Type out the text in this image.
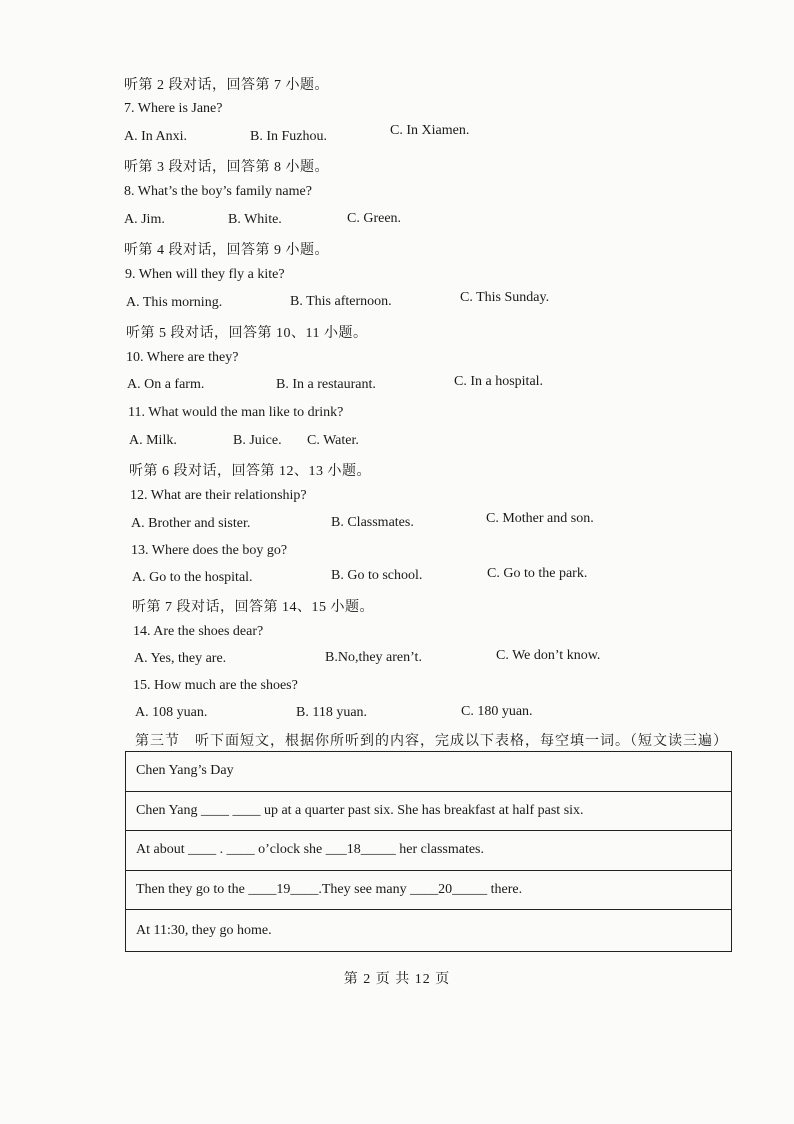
听第 2 段对话，回答第 7 小题。
7. Where is Jane?
A. In Anxi.	B. In Fuzhou.	C. In Xiamen.
听第 3 段对话，回答第 8 小题。
8. What’s the boy’s family name?
A. Jim.	B. White.	C. Green.
听第 4 段对话，回答第 9 小题。
9. When will they fly a kite?
A. This morning.	B. This afternoon.	C. This Sunday.
听第 5 段对话，回答第 10、11 小题。
10. Where are they?
A. On a farm.	B. In a restaurant.	C. In a hospital.
11. What would the man like to drink?
A. Milk.	B. Juice. C. Water.
听第 6 段对话，回答第 12、13 小题。
12. What are their relationship?
A. Brother and sister.	B. Classmates.	C. Mother and son.
13. Where does the boy go?
A. Go to the hospital.	B. Go to school.	C. Go to the park.
听第 7 段对话，回答第 14、15 小题。
14. Are the shoes dear?
A. Yes, they are.	B.No,they aren’t.	C. We don’t know.
15. How much are the shoes?
A. 108 yuan.	B. 118 yuan.	C. 180 yuan.
第三节　听下面短文，根据你所听到的内容，完成以下表格，每空填一词。（短文读三遍）
Chen Yang’s Day
Chen Yang ____ ____ up at a quarter past six. She has breakfast at half past six.
At about ____ . ____ o’clock she ___18_____ her classmates.
Then they go to the ____19____.They see many ____20_____ there.
At 11:30, they go home.
第 2 页 共 12 页
